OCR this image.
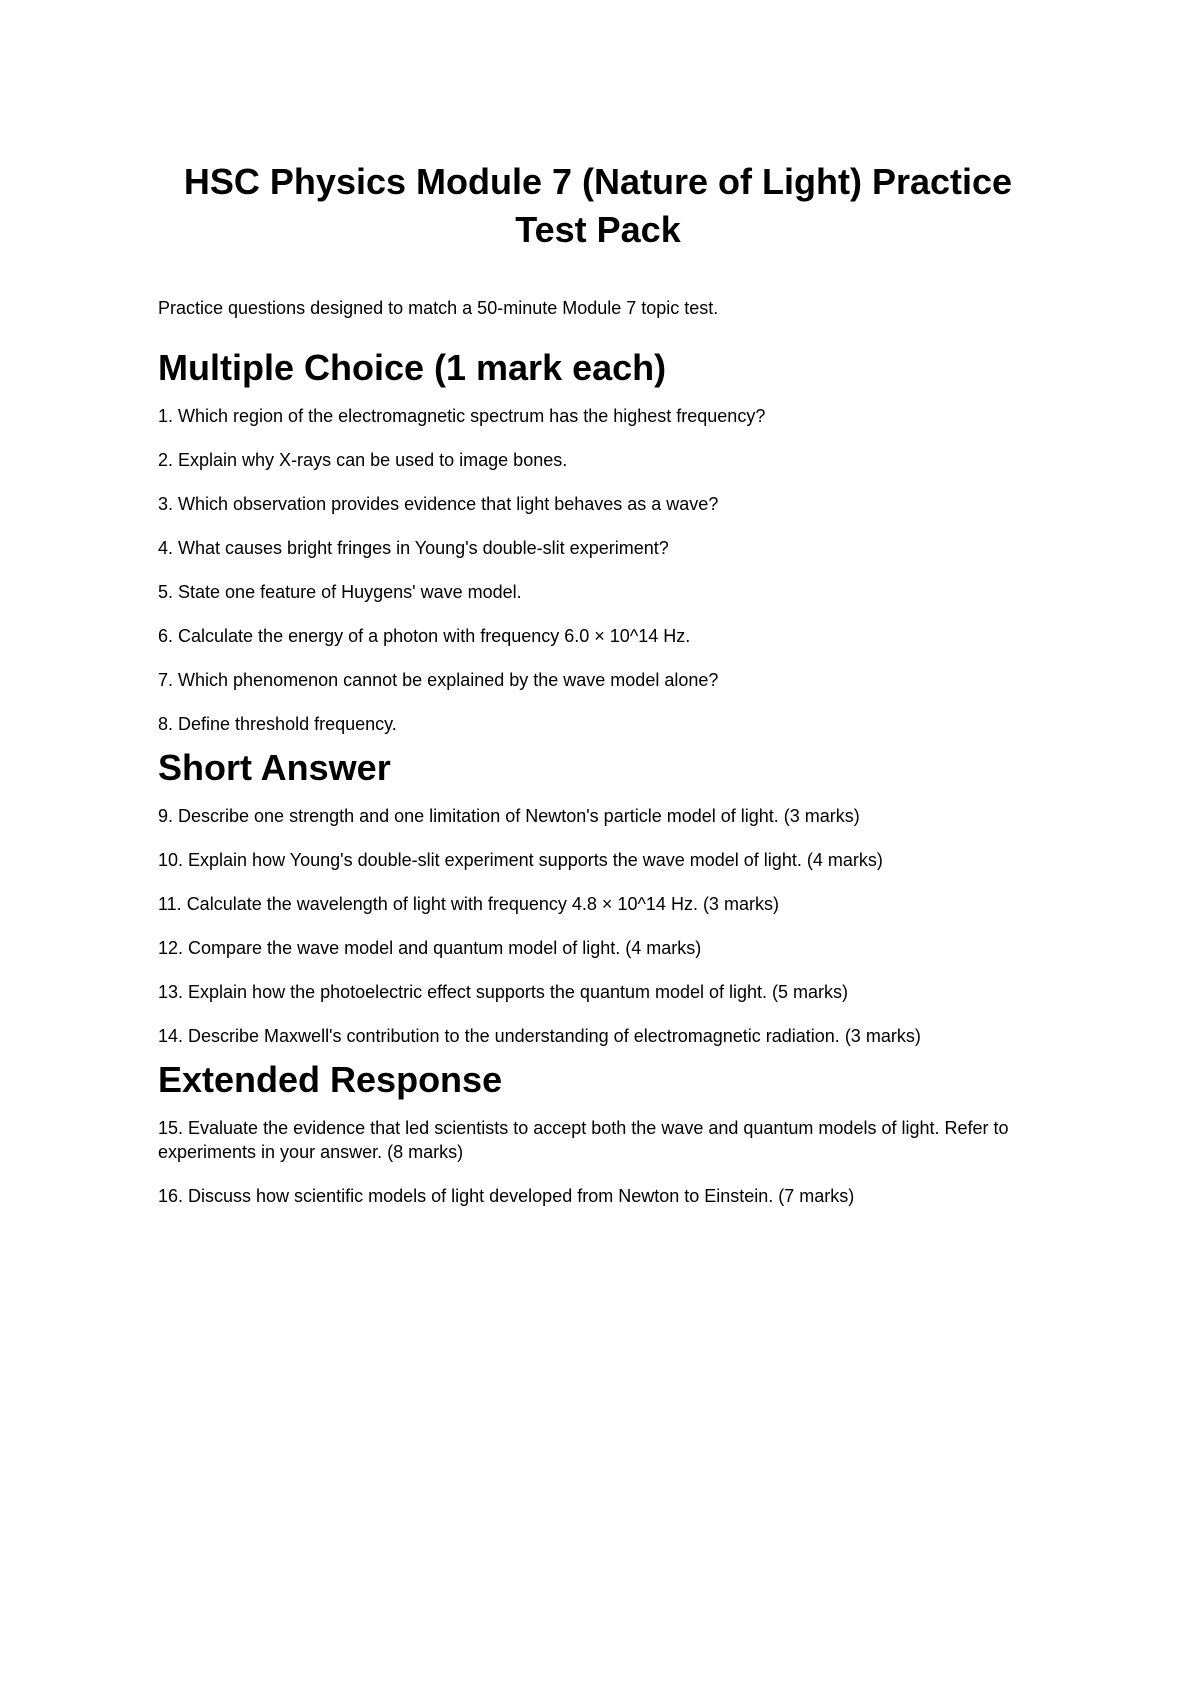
HSC Physics Module 7 (Nature of Light) Practice Test Pack

Practice questions designed to match a 50-minute Module 7 topic test.

Multiple Choice (1 mark each)

1. Which region of the electromagnetic spectrum has the highest frequency?

2. Explain why X-rays can be used to image bones.

3. Which observation provides evidence that light behaves as a wave?

4. What causes bright fringes in Young's double-slit experiment?

5. State one feature of Huygens' wave model.

6. Calculate the energy of a photon with frequency 6.0 × 10^14 Hz.

7. Which phenomenon cannot be explained by the wave model alone?

8. Define threshold frequency.

Short Answer

9. Describe one strength and one limitation of Newton's particle model of light. (3 marks)

10. Explain how Young's double-slit experiment supports the wave model of light. (4 marks)

11. Calculate the wavelength of light with frequency 4.8 × 10^14 Hz. (3 marks)

12. Compare the wave model and quantum model of light. (4 marks)

13. Explain how the photoelectric effect supports the quantum model of light. (5 marks)

14. Describe Maxwell's contribution to the understanding of electromagnetic radiation. (3 marks)

Extended Response

15. Evaluate the evidence that led scientists to accept both the wave and quantum models of light. Refer to experiments in your answer. (8 marks)

16. Discuss how scientific models of light developed from Newton to Einstein. (7 marks)
